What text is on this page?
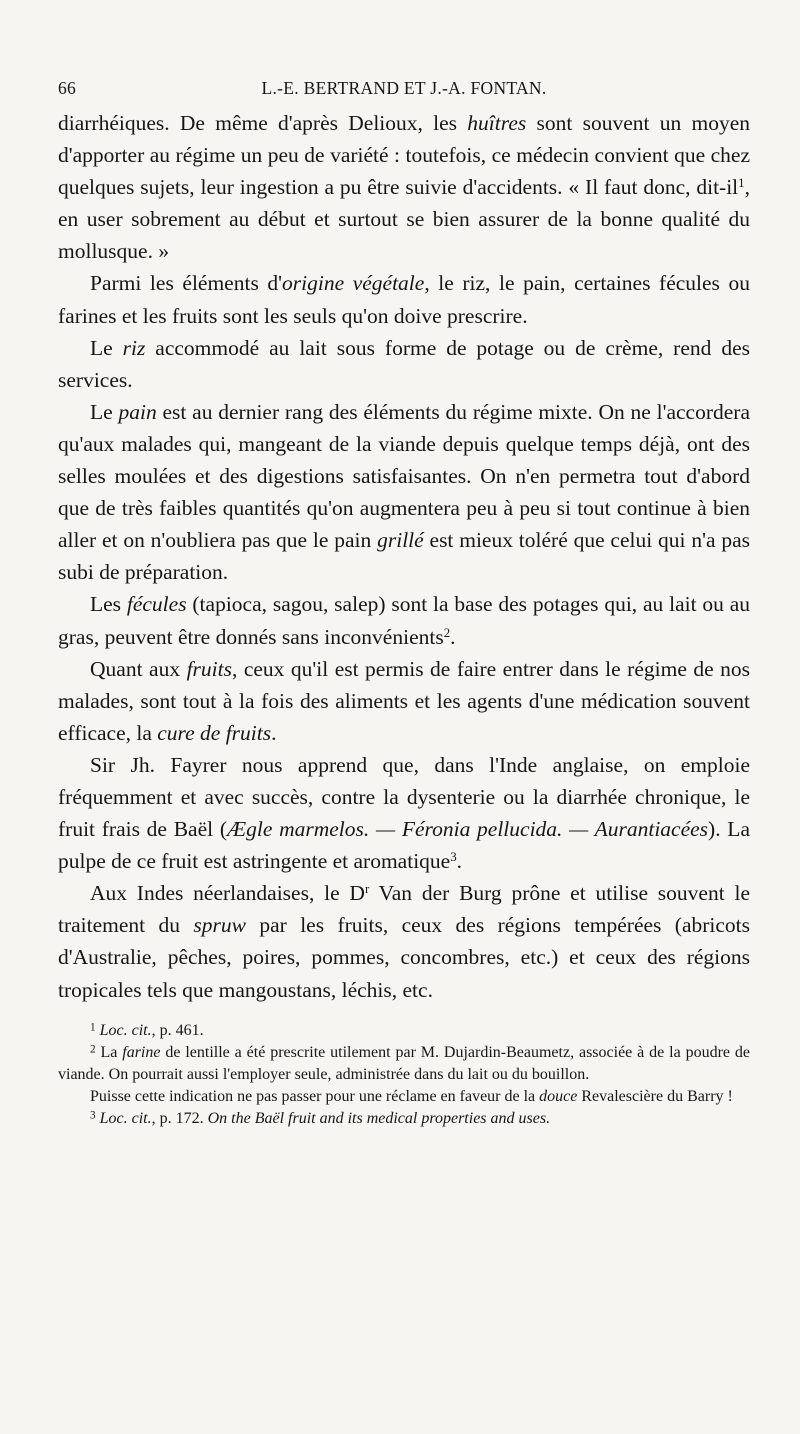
66	L.-E. BERTRAND ET J.-A. FONTAN.

diarrhéiques. De même d'après Delioux, les huîtres sont souvent un moyen d'apporter au régime un peu de variété : toutefois, ce médecin convient que chez quelques sujets, leur ingestion a pu être suivie d'accidents. « Il faut donc, dit-$il^1$, en user sobrement au début et surtout se bien assurer de la bonne qualité du mollusque. »

Parmi les éléments d'origine végétale, le riz, le pain, certaines fécules ou farines et les fruits sont les seuls qu'on doive prescrire.

Le riz accommodé au lait sous forme de potage ou de crème, rend des services.

Le pain est au dernier rang des éléments du régime mixte. On ne l'accordera qu'aux malades qui, mangeant de la viande depuis quelque temps déjà, ont des selles moulées et des digestions satisfaisantes. On n'en permetra tout d'abord que de très faibles quantités qu'on augmentera peu à peu si tout continue à bien aller et on n'oubliera pas que le pain grillé est mieux toléré que celui qui n'a pas subi de préparation.

Les fécules (tapioca, sagou, salep) sont la base des potages qui, au lait ou au gras, peuvent être donnés sans inconvénients$^2$.

Quant aux fruits, ceux qu'il est permis de faire entrer dans le régime de nos malades, sont tout à la fois des aliments et les agents d'une médication souvent efficace, la cure de fruits.

Sir Jh. Fayrer nous apprend que, dans l'Inde anglaise, on emploie fréquemment et avec succès, contre la dysenterie ou la diarrhée chronique, le fruit frais de Baël (Ægle marmelos. — Féronia pellucida. — Aurantiacées). La pulpe de ce fruit est astringente et aromatique$^3$.

Aux Indes néerlandaises, le $D^r$ Van der Burg prône et utilise souvent le traitement du spruw par les fruits, ceux des régions tempérées (abricots d'Australie, pêches, poires, pommes, concombres, etc.) et ceux des régions tropicales tels que mangoustans, léchis, etc.

$^1$ Loc. cit., p. 461.

$^2$ La farine de lentille a été prescrite utilement par M. Dujardin-Beaumetz, associée à de la poudre de viande. On pourrait aussi l'employer seule, administrée dans du lait ou du bouillon.

Puisse cette indication ne pas passer pour une réclame en faveur de la douce Revalescière du Barry !

$^3$ Loc. cit., p. 172. On the Baël fruit and its medical properties and uses.
